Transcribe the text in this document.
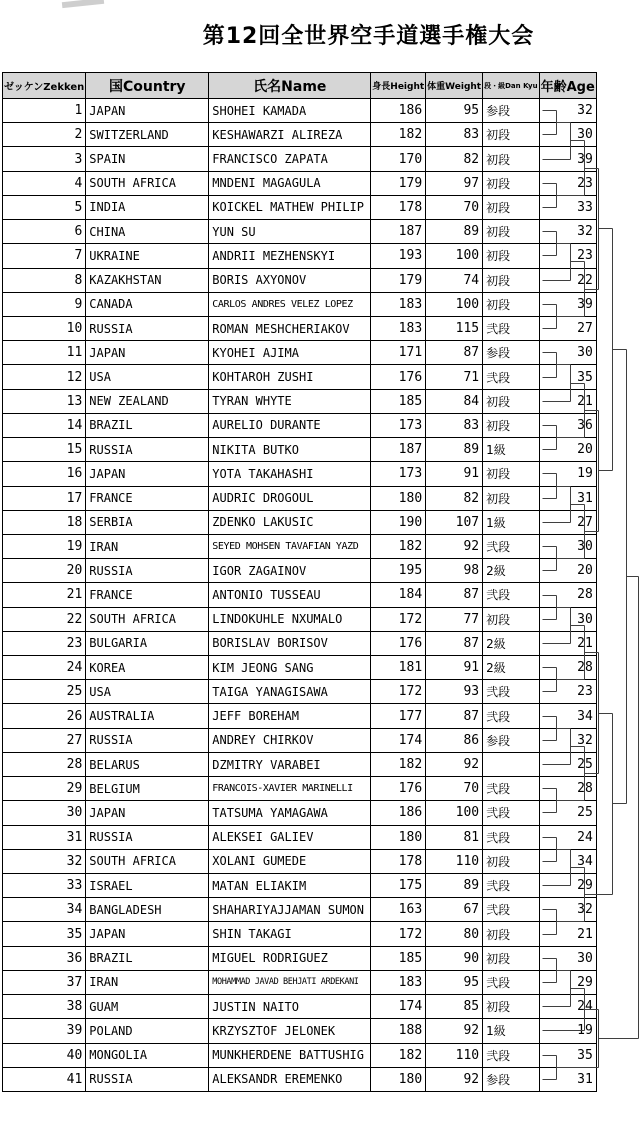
第12回全世界空手道選手権大会
ゼッケンZekken	国Country	氏名Name	身長Height	体重Weight	段・級Dan Kyu	年齢Age
1	JAPAN	SHOHEI KAMADA	186	95	参段	32
2	SWITZERLAND	KESHAWARZI ALIREZA	182	83	初段	30
3	SPAIN	FRANCISCO ZAPATA	170	82	初段	39
4	SOUTH AFRICA	MNDENI MAGAGULA	179	97	初段	23
5	INDIA	KOICKEL MATHEW PHILIP	178	70	初段	33
6	CHINA	YUN SU	187	89	初段	32
7	UKRAINE	ANDRII MEZHENSKYI	193	100	初段	23
8	KAZAKHSTAN	BORIS AXYONOV	179	74	初段	22
9	CANADA	CARLOS ANDRES VELEZ LOPEZ	183	100	初段	39
10	RUSSIA	ROMAN MESHCHERIAKOV	183	115	弐段	27
11	JAPAN	KYOHEI AJIMA	171	87	参段	30
12	USA	KOHTAROH ZUSHI	176	71	弐段	35
13	NEW ZEALAND	TYRAN WHYTE	185	84	初段	21
14	BRAZIL	AURELIO DURANTE	173	83	初段	36
15	RUSSIA	NIKITA BUTKO	187	89	1級	20
16	JAPAN	YOTA TAKAHASHI	173	91	初段	19
17	FRANCE	AUDRIC DROGOUL	180	82	初段	31
18	SERBIA	ZDENKO LAKUSIC	190	107	1級	27
19	IRAN	SEYED MOHSEN TAVAFIAN YAZD	182	92	弐段	30
20	RUSSIA	IGOR ZAGAINOV	195	98	2級	20
21	FRANCE	ANTONIO TUSSEAU	184	87	弐段	28
22	SOUTH AFRICA	LINDOKUHLE NXUMALO	172	77	初段	30
23	BULGARIA	BORISLAV BORISOV	176	87	2級	21
24	KOREA	KIM JEONG SANG	181	91	2級	28
25	USA	TAIGA YANAGISAWA	172	93	弐段	23
26	AUSTRALIA	JEFF BOREHAM	177	87	弐段	34
27	RUSSIA	ANDREY CHIRKOV	174	86	参段	32
28	BELARUS	DZMITRY VARABEI	182	92		25
29	BELGIUM	FRANCOIS-XAVIER MARINELLI	176	70	弐段	28
30	JAPAN	TATSUMA YAMAGAWA	186	100	弐段	25
31	RUSSIA	ALEKSEI GALIEV	180	81	弐段	24
32	SOUTH AFRICA	XOLANI GUMEDE	178	110	初段	34
33	ISRAEL	MATAN ELIAKIM	175	89	弐段	29
34	BANGLADESH	SHAHARIYAJJAMAN SUMON	163	67	弐段	32
35	JAPAN	SHIN TAKAGI	172	80	初段	21
36	BRAZIL	MIGUEL RODRIGUEZ	185	90	初段	30
37	IRAN	MOHAMMAD JAVAD BEHJATI ARDEKANI	183	95	弐段	29
38	GUAM	JUSTIN NAITO	174	85	初段	24
39	POLAND	KRZYSZTOF JELONEK	188	92	1級	19
40	MONGOLIA	MUNKHERDENE BATTUSHIG	182	110	弐段	35
41	RUSSIA	ALEKSANDR EREMENKO	180	92	参段	31
